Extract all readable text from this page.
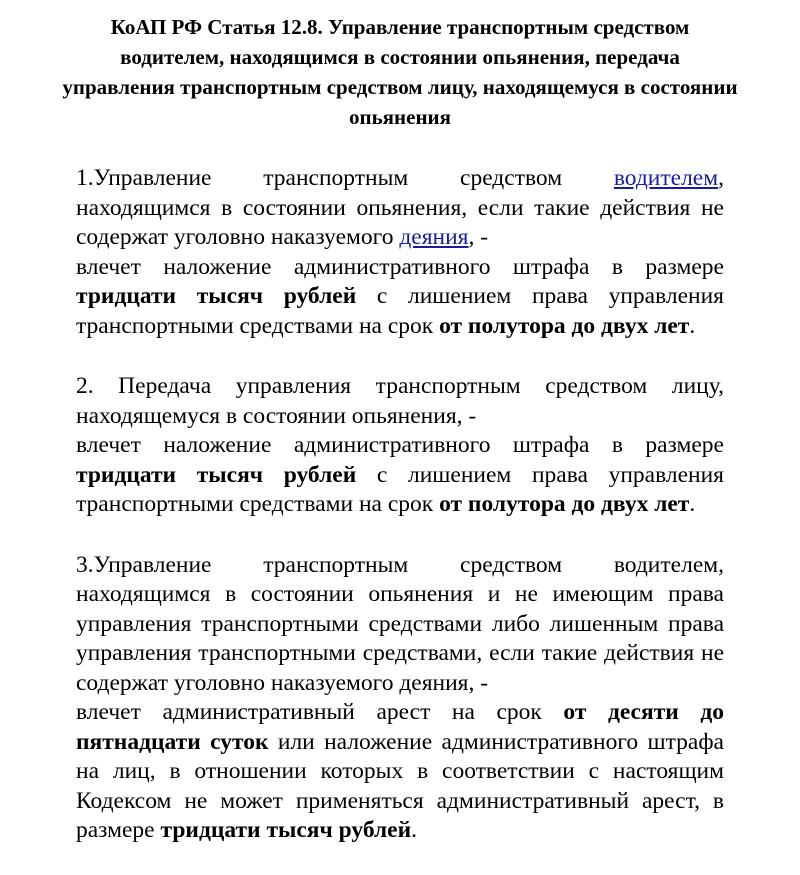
КоАП РФ Статья 12.8. Управление транспортным средством водителем, находящимся в состоянии опьянения, передача управления транспортным средством лицу, находящемуся в состоянии опьянения

1.Управление транспортным средством водителем, находящимся в состоянии опьянения, если такие действия не содержат уголовно наказуемого деяния, -

влечет наложение административного штрафа в размере тридцати тысяч рублей с лишением права управления транспортными средствами на срок от полутора до двух лет.

2. Передача управления транспортным средством лицу, находящемуся в состоянии опьянения, -

влечет наложение административного штрафа в размере тридцати тысяч рублей с лишением права управления транспортными средствами на срок от полутора до двух лет.

3.Управление транспортным средством водителем, находящимся в состоянии опьянения и не имеющим права управления транспортными средствами либо лишенным права управления транспортными средствами, если такие действия не содержат уголовно наказуемого деяния, -

влечет административный арест на срок от десяти до пятнадцати суток или наложение административного штрафа на лиц, в отношении которых в соответствии с настоящим Кодексом не может применяться административный арест, в размере тридцати тысяч рублей.
